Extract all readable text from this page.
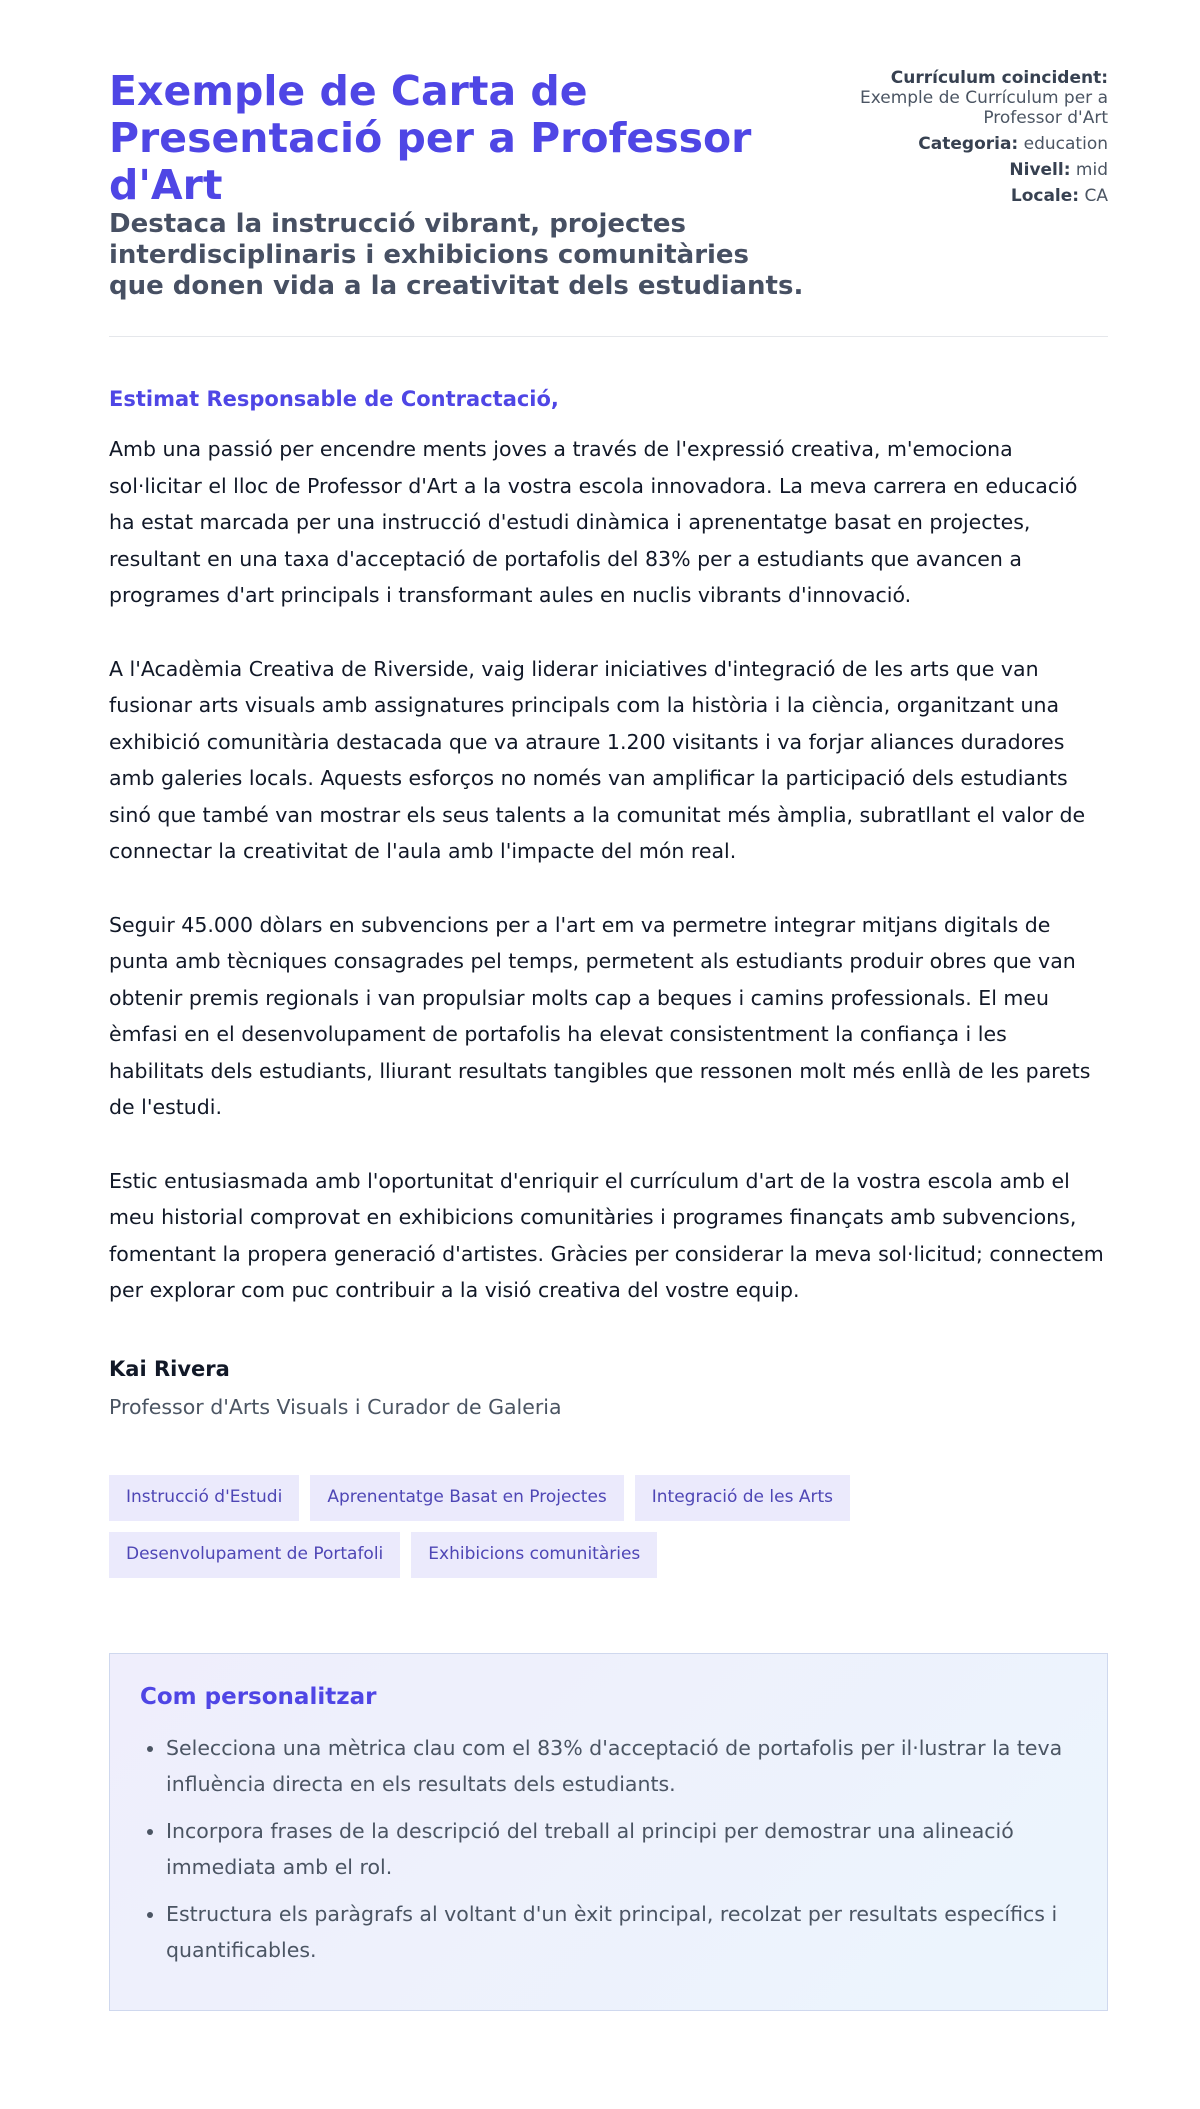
Exemple de Carta de Presentació per a Professor d'Art
Destaca la instrucció vibrant, projectes interdisciplinaris i exhibicions comunitàries que donen vida a la creativitat dels estudiants.
Currículum coincident:
Exemple de Currículum per a Professor d'Art
Categoria: education
Nivell: mid
Locale: CA
Estimat Responsable de Contractació,

Amb una passió per encendre ments joves a través de l'expressió creativa, m'emociona sol·licitar el lloc de Professor d'Art a la vostra escola innovadora. La meva carrera en educació ha estat marcada per una instrucció d'estudi dinàmica i aprenentatge basat en projectes, resultant en una taxa d'acceptació de portafolis del 83% per a estudiants que avancen a programes d'art principals i transformant aules en nuclis vibrants d'innovació.

A l'Acadèmia Creativa de Riverside, vaig liderar iniciatives d'integració de les arts que van fusionar arts visuals amb assignatures principals com la història i la ciència, organitzant una exhibició comunitària destacada que va atraure 1.200 visitants i va forjar aliances duradores amb galeries locals. Aquests esforços no només van amplificar la participació dels estudiants sinó que també van mostrar els seus talents a la comunitat més àmplia, subratllant el valor de connectar la creativitat de l'aula amb l'impacte del món real.

Seguir 45.000 dòlars en subvencions per a l'art em va permetre integrar mitjans digitals de punta amb tècniques consagrades pel temps, permetent als estudiants produir obres que van obtenir premis regionals i van propulsiar molts cap a beques i camins professionals. El meu èmfasi en el desenvolupament de portafolis ha elevat consistentment la confiança i les habilitats dels estudiants, lliurant resultats tangibles que ressonen molt més enllà de les parets de l'estudi.

Estic entusiasmada amb l'oportunitat d'enriquir el currículum d'art de la vostra escola amb el meu historial comprovat en exhibicions comunitàries i programes finançats amb subvencions, fomentant la propera generació d'artistes. Gràcies per considerar la meva sol·licitud; connectem per explorar com puc contribuir a la visió creativa del vostre equip.

Kai Rivera
Professor d'Arts Visuals i Curador de Galeria
Instrucció d'Estudi	Aprenentatge Basat en Projectes	Integració de les Arts
Desenvolupament de Portafoli	Exhibicions comunitàries
Com personalitzar
• Selecciona una mètrica clau com el 83% d'acceptació de portafolis per il·lustrar la teva influència directa en els resultats dels estudiants.
• Incorpora frases de la descripció del treball al principi per demostrar una alineació immediata amb el rol.
• Estructura els paràgrafs al voltant d'un èxit principal, recolzat per resultats específics i quantificables.
